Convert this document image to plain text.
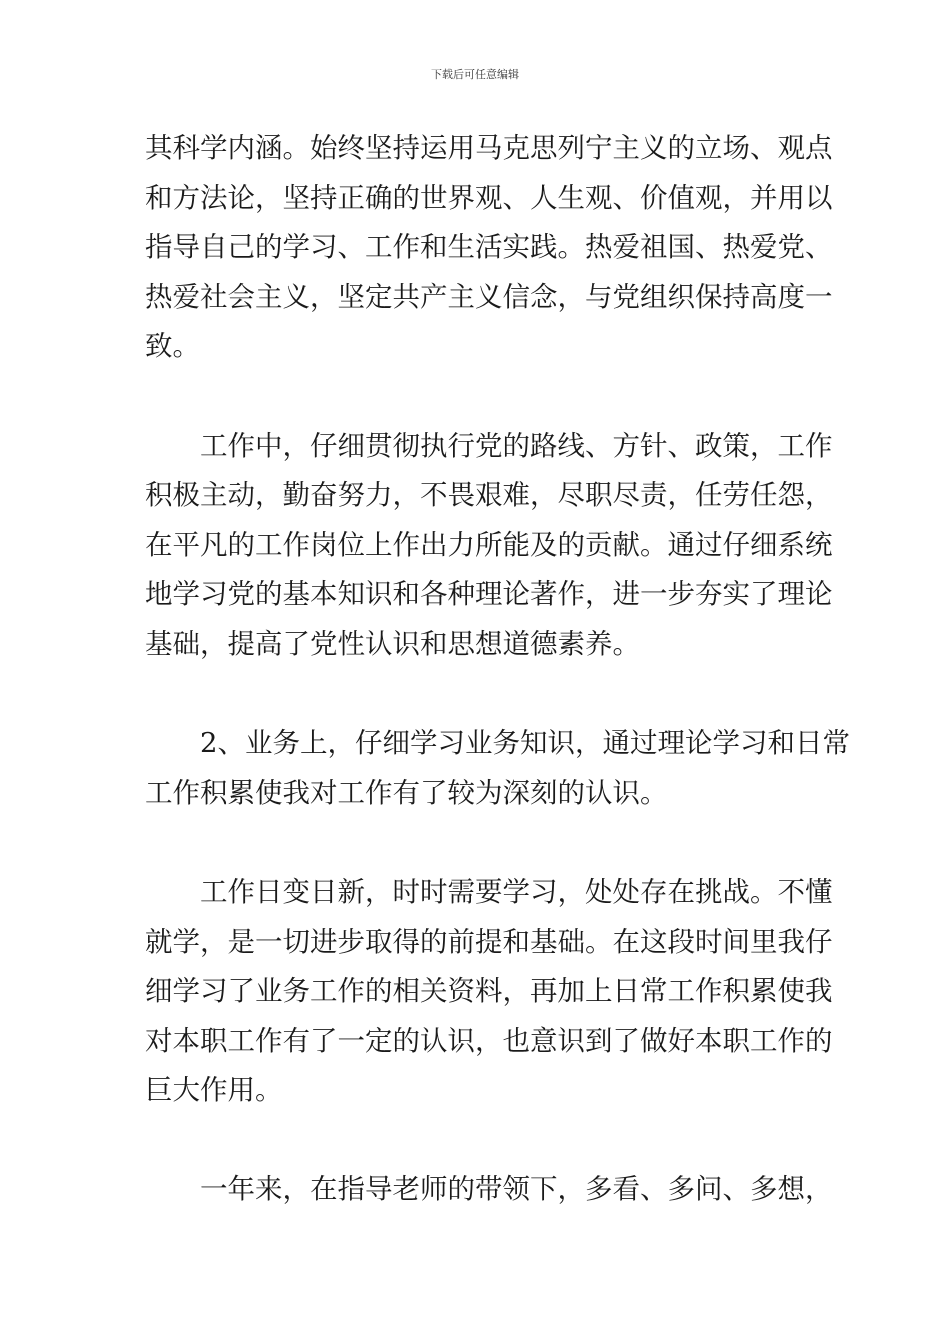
下载后可任意编辑
其科学内涵。始终坚持运用马克思列宁主义的立场、观点
和方法论，坚持正确的世界观、人生观、价值观，并用以
指导自己的学习、工作和生活实践。热爱祖国、热爱党、
热爱社会主义，坚定共产主义信念，与党组织保持高度一
致。
工作中，仔细贯彻执行党的路线、方针、政策，工作
积极主动，勤奋努力，不畏艰难，尽职尽责，任劳任怨，
在平凡的工作岗位上作出力所能及的贡献。通过仔细系统
地学习党的基本知识和各种理论著作，进一步夯实了理论
基础，提高了党性认识和思想道德素养。
2、业务上，仔细学习业务知识，通过理论学习和日常
工作积累使我对工作有了较为深刻的认识。
工作日变日新，时时需要学习，处处存在挑战。不懂
就学，是一切进步取得的前提和基础。在这段时间里我仔
细学习了业务工作的相关资料，再加上日常工作积累使我
对本职工作有了一定的认识，也意识到了做好本职工作的
巨大作用。
一年来，在指导老师的带领下，多看、多问、多想，
